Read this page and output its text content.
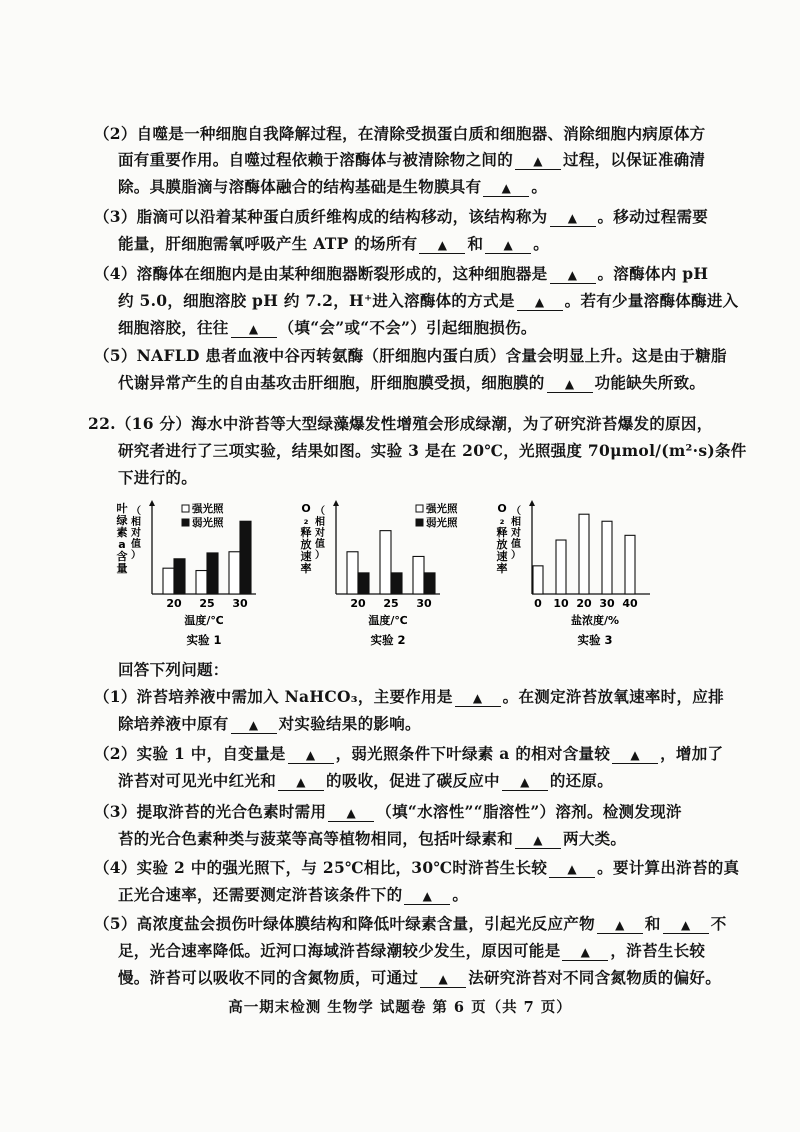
（2）自噬是一种细胞自我降解过程，在清除受损蛋白质和细胞器、消除细胞内病原体方
面有重要作用。自噬过程依赖于溶酶体与被清除物之间的 ▲ 过程，以保证准确清
除。具膜脂滴与溶酶体融合的结构基础是生物膜具有 ▲ 。
（3）脂滴可以沿着某种蛋白质纤维构成的结构移动，该结构称为 ▲ 。移动过程需要
能量，肝细胞需氧呼吸产生 ATP 的场所有 ▲ 和 ▲ 。
（4）溶酶体在细胞内是由某种细胞器断裂形成的，这种细胞器是 ▲ 。溶酶体内 pH
约 5.0，细胞溶胶 pH 约 7.2，H⁺进入溶酶体的方式是 ▲ 。若有少量溶酶体酶进入
细胞溶胶，往往 ▲ （填“会”或“不会”）引起细胞损伤。
（5）NAFLD 患者血液中谷丙转氨酶（肝细胞内蛋白质）含量会明显上升。这是由于糖脂
代谢异常产生的自由基攻击肝细胞，肝细胞膜受损，细胞膜的 ▲ 功能缺失所致。
22.（16 分）海水中浒苔等大型绿藻爆发性增殖会形成绿潮，为了研究浒苔爆发的原因，
研究者进行了三项实验，结果如图。实验 3 是在 20℃，光照强度 70μmol/(m²·s)条件
下进行的。
叶
绿
素
a
含
量
（
相
对
值
）
20 25 30
温度/℃
实验 1
强光照
弱光照
O
₂
释
放
速
率
（
相
对
值
）
20 25 30
温度/℃
实验 2
强光照
弱光照
O
₂
释
放
速
率
（
相
对
值
）
0 10 20 30 40
盐浓度/%
实验 3
回答下列问题：
（1）浒苔培养液中需加入 NaHCO₃，主要作用是 ▲ 。在测定浒苔放氧速率时，应排
除培养液中原有 ▲ 对实验结果的影响。
（2）实验 1 中，自变量是 ▲ ，弱光照条件下叶绿素 a 的相对含量较 ▲ ，增加了
浒苔对可见光中红光和 ▲ 的吸收，促进了碳反应中 ▲ 的还原。
（3）提取浒苔的光合色素时需用 ▲ （填“水溶性”“脂溶性”）溶剂。检测发现浒
苔的光合色素种类与菠菜等高等植物相同，包括叶绿素和 ▲ 两大类。
（4）实验 2 中的强光照下，与 25℃相比，30℃时浒苔生长较 ▲ 。要计算出浒苔的真
正光合速率，还需要测定浒苔该条件下的 ▲ 。
（5）高浓度盐会损伤叶绿体膜结构和降低叶绿素含量，引起光反应产物 ▲ 和 ▲ 不
足，光合速率降低。近河口海域浒苔绿潮较少发生，原因可能是 ▲ ，浒苔生长较
慢。浒苔可以吸收不同的含氮物质，可通过 ▲ 法研究浒苔对不同含氮物质的偏好。
高一期末检测 生物学 试题卷 第 6 页（共 7 页）
